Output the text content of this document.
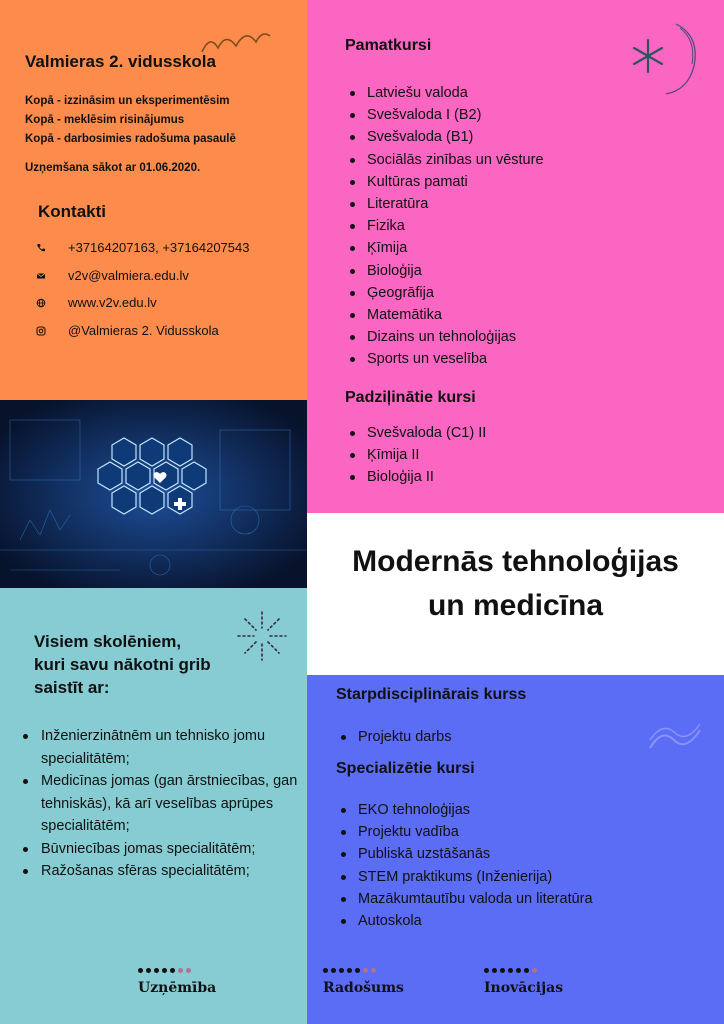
Valmieras 2. vidusskola
Kopā - izzināsim un eksperimentēsim
Kopā - meklēsim risinājumus
Kopā - darbosimies radošuma pasaulē
Uzņemšana sākot ar 01.06.2020.
Kontakti
+37164207163, +37164207543
v2v@valmiera.edu.lv
www.v2v.edu.lv
@Valmieras 2. Vidusskola
Pamatkursi
Latviešu valoda
Svešvaloda I (B2)
Svešvaloda (B1)
Sociālās zinības un vēsture
Kultūras pamati
Literatūra
Fizika
Ķīmija
Bioloģija
Ģeogrāfija
Matemātika
Dizains un tehnoloģijas
Sports un veselība
Padziļinātie kursi
Svešvaloda (C1) II
Ķīmija II
Bioloģija II
Modernās tehnoloģijas
un medicīna
Visiem skolēniem,
kuri savu nākotni grib
saistīt ar:
Inženierzinātnēm un tehnisko jomu specialitātēm;
Medicīnas jomas (gan ārstniecības, gan tehniskās), kā arī veselības aprūpes specialitātēm;
Būvniecības jomas specialitātēm;
Ražošanas sfēras specialitātēm;
Starpdisciplinārais kurss
Projektu darbs
Specializētie kursi
EKO tehnoloģijas
Projektu vadība
Publiskā uzstāšanās
STEM praktikums (Inženierija)
Mazākumtautību valoda un literatūra
Autoskola
Uzņēmība	Radošums	Inovācijas
